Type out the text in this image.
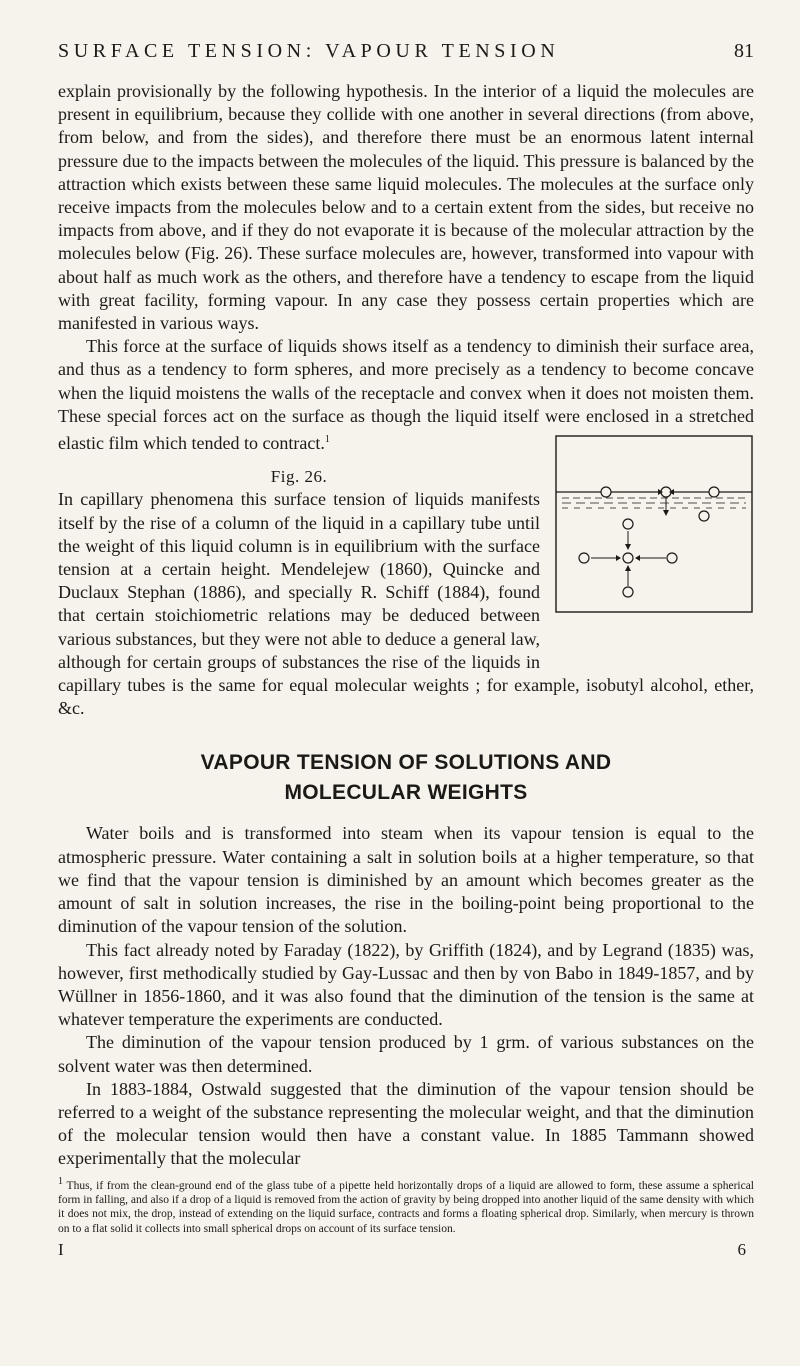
SURFACE TENSION: VAPOUR TENSION	81

explain provisionally by the following hypothesis. In the interior of a liquid the molecules are present in equilibrium, because they collide with one another in several directions (from above, from below, and from the sides), and therefore there must be an enormous latent internal pressure due to the impacts between the molecules of the liquid. This pressure is balanced by the attraction which exists between these same liquid molecules. The molecules at the surface only receive impacts from the molecules below and to a certain extent from the sides, but receive no impacts from above, and if they do not evaporate it is because of the molecular attraction by the molecules below (Fig. 26). These surface molecules are, however, transformed into vapour with about half as much work as the others, and therefore have a tendency to escape from the liquid with great facility, forming vapour. In any case they possess certain properties which are manifested in various ways.

This force at the surface of liquids shows itself as a tendency to diminish their surface area, and thus as a tendency to form spheres, and more precisely as a tendency to become concave when the liquid moistens the walls of the receptacle and convex when it does not moisten them. These special forces act on the surface as though the liquid itself were enclosed in a stretched elastic film which tended to contract.$^1$

Fig. 26.
In capillary phenomena this surface tension of liquids manifests itself by the rise of a column of the liquid in a capillary tube until the weight of this liquid column is in equilibrium with the surface tension at a certain height. Mendelejew (1860), Quincke and Duclaux Stephan (1886), and specially R. Schiff (1884), found that certain stoichiometric relations may be deduced between various substances, but they were not able to deduce a general law, although for certain groups of substances the rise of the liquids in capillary tubes is the same for equal molecular weights ; for example, isobutyl alcohol, ether, &c.

VAPOUR TENSION OF SOLUTIONS AND
MOLECULAR WEIGHTS

Water boils and is transformed into steam when its vapour tension is equal to the atmospheric pressure. Water containing a salt in solution boils at a higher temperature, so that we find that the vapour tension is diminished by an amount which becomes greater as the amount of salt in solution increases, the rise in the boiling-point being proportional to the diminution of the vapour tension of the solution.

This fact already noted by Faraday (1822), by Griffith (1824), and by Legrand (1835) was, however, first methodically studied by Gay-Lussac and then by von Babo in 1849-1857, and by Wüllner in 1856-1860, and it was also found that the diminution of the tension is the same at whatever temperature the experiments are conducted.

The diminution of the vapour tension produced by 1 grm. of various substances on the solvent water was then determined.

In 1883-1884, Ostwald suggested that the diminution of the vapour tension should be referred to a weight of the substance representing the molecular weight, and that the diminution of the molecular tension would then have a constant value. In 1885 Tammann showed experimentally that the molecular

$^1$ Thus, if from the clean-ground end of the glass tube of a pipette held horizontally drops of a liquid are allowed to form, these assume a spherical form in falling, and also if a drop of a liquid is removed from the action of gravity by being dropped into another liquid of the same density with which it does not mix, the drop, instead of extending on the liquid surface, contracts and forms a floating spherical drop. Similarly, when mercury is thrown on to a flat solid it collects into small spherical drops on account of its surface tension.
I	6
